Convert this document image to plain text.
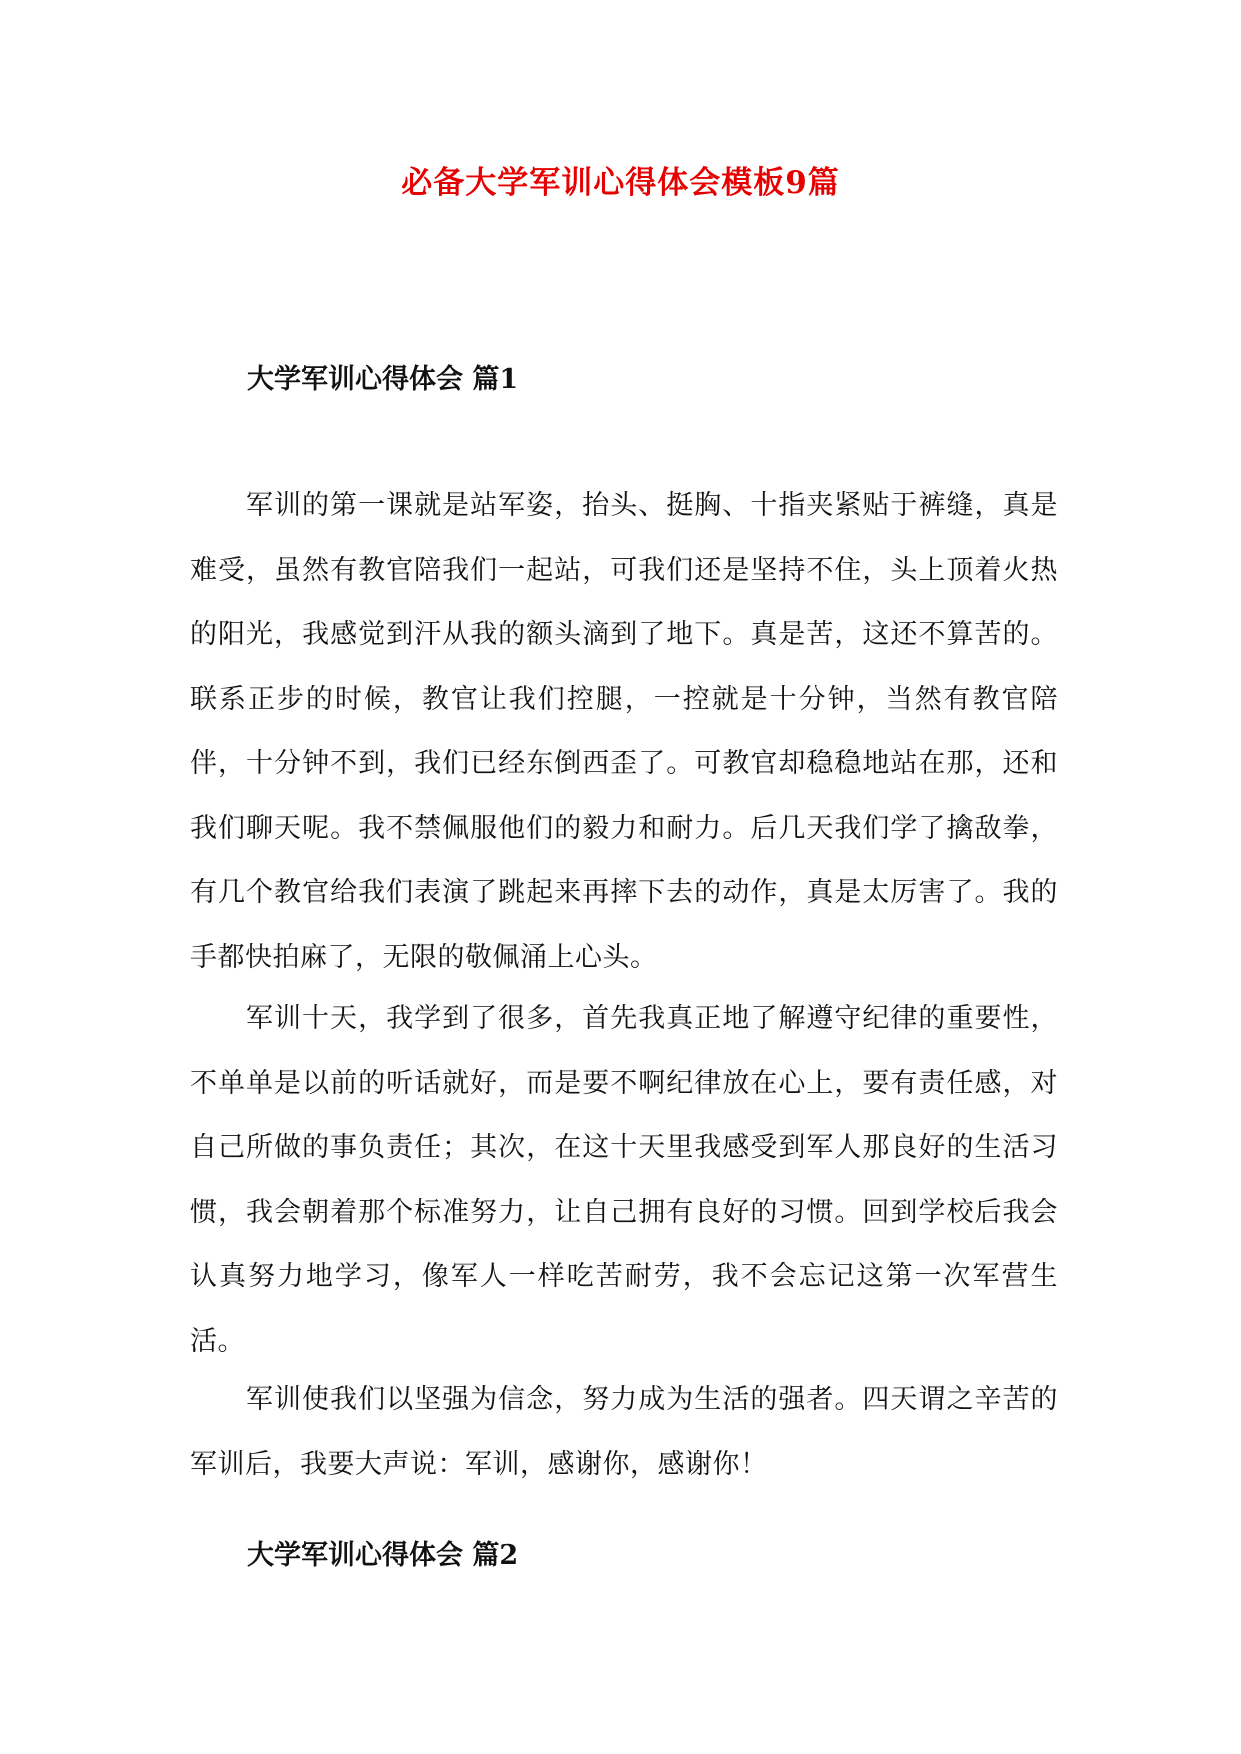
必备大学军训心得体会模板9篇
大学军训心得体会 篇1

军训的第一课就是站军姿，抬头、挺胸、十指夹紧贴于裤缝，真是难受，虽然有教官陪我们一起站，可我们还是坚持不住，头上顶着火热的阳光，我感觉到汗从我的额头滴到了地下。真是苦，这还不算苦的。联系正步的时候，教官让我们控腿，一控就是十分钟，当然有教官陪伴，十分钟不到，我们已经东倒西歪了。可教官却稳稳地站在那，还和我们聊天呢。我不禁佩服他们的毅力和耐力。后几天我们学了擒敌拳，有几个教官给我们表演了跳起来再摔下去的动作，真是太厉害了。我的手都快拍麻了，无限的敬佩涌上心头。

军训十天，我学到了很多，首先我真正地了解遵守纪律的重要性，不单单是以前的听话就好，而是要不啊纪律放在心上，要有责任感，对自己所做的事负责任；其次，在这十天里我感受到军人那良好的生活习惯，我会朝着那个标准努力，让自己拥有良好的习惯。回到学校后我会认真努力地学习，像军人一样吃苦耐劳，我不会忘记这第一次军营生活。

军训使我们以坚强为信念，努力成为生活的强者。四天谓之辛苦的军训后，我要大声说：军训，感谢你，感谢你！

大学军训心得体会 篇2
